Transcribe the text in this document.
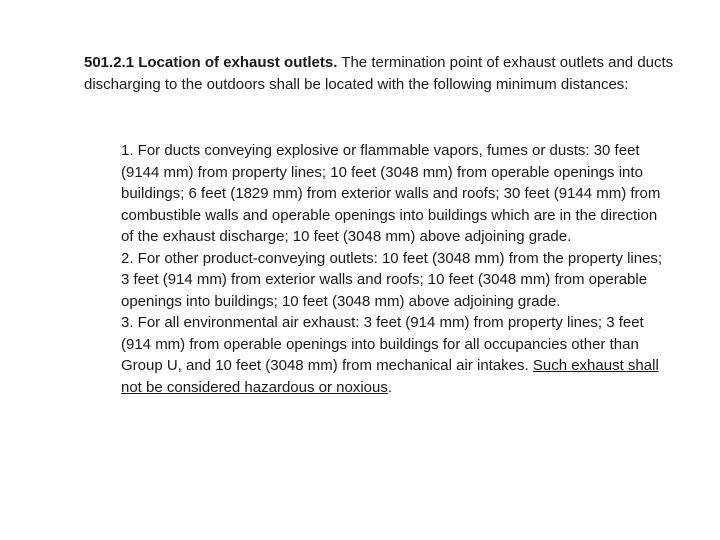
501.2.1 Location of exhaust outlets. The termination point of exhaust outlets and ducts discharging to the outdoors shall be located with the following minimum distances:

1. For ducts conveying explosive or flammable vapors, fumes or dusts: 30 feet (9144 mm) from property lines; 10 feet (3048 mm) from operable openings into buildings; 6 feet (1829 mm) from exterior walls and roofs; 30 feet (9144 mm) from combustible walls and operable openings into buildings which are in the direction of the exhaust discharge; 10 feet (3048 mm) above adjoining grade.

2. For other product-conveying outlets: 10 feet (3048 mm) from the property lines; 3 feet (914 mm) from exterior walls and roofs; 10 feet (3048 mm) from operable openings into buildings; 10 feet (3048 mm) above adjoining grade.

3. For all environmental air exhaust: 3 feet (914 mm) from property lines; 3 feet (914 mm) from operable openings into buildings for all occupancies other than Group U, and 10 feet (3048 mm) from mechanical air intakes. Such exhaust shall not be considered hazardous or noxious.
